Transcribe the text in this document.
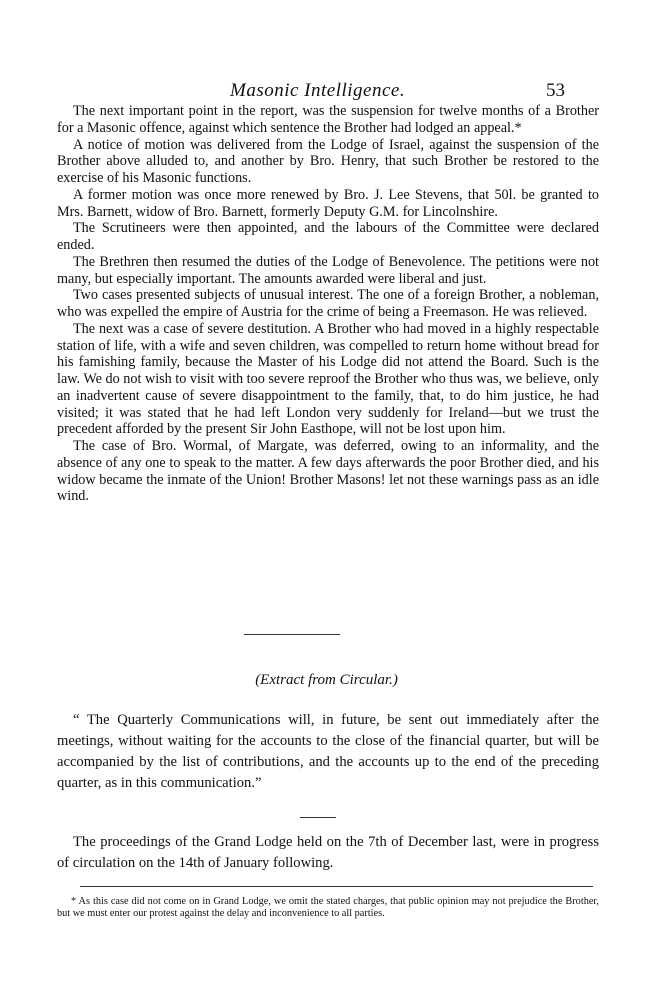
Masonic Intelligence.	53

The next important point in the report, was the suspension for twelve months of a Brother for a Masonic offence, against which sentence the Brother had lodged an appeal.*

A notice of motion was delivered from the Lodge of Israel, against the suspension of the Brother above alluded to, and another by Bro. Henry, that such Brother be restored to the exercise of his Masonic functions.

A former motion was once more renewed by Bro. J. Lee Stevens, that 50l. be granted to Mrs. Barnett, widow of Bro. Barnett, formerly Deputy G.M. for Lincolnshire.

The Scrutineers were then appointed, and the labours of the Committee were declared ended.

The Brethren then resumed the duties of the Lodge of Benevolence. The petitions were not many, but especially important. The amounts awarded were liberal and just.

Two cases presented subjects of unusual interest. The one of a foreign Brother, a nobleman, who was expelled the empire of Austria for the crime of being a Freemason. He was relieved.

The next was a case of severe destitution. A Brother who had moved in a highly respectable station of life, with a wife and seven children, was compelled to return home without bread for his famishing family, because the Master of his Lodge did not attend the Board. Such is the law. We do not wish to visit with too severe reproof the Brother who thus was, we believe, only an inadvertent cause of severe disappointment to the family, that, to do him justice, he had visited; it was stated that he had left London very suddenly for Ireland—but we trust the precedent afforded by the present Sir John Easthope, will not be lost upon him.

The case of Bro. Wormal, of Margate, was deferred, owing to an informality, and the absence of any one to speak to the matter. A few days afterwards the poor Brother died, and his widow became the inmate of the Union! Brother Masons! let not these warnings pass as an idle wind.

(Extract from Circular.)

“ The Quarterly Communications will, in future, be sent out immediately after the meetings, without waiting for the accounts to the close of the financial quarter, but will be accompanied by the list of contributions, and the accounts up to the end of the preceding quarter, as in this communication.”

The proceedings of the Grand Lodge held on the 7th of December last, were in progress of circulation on the 14th of January following.

* As this case did not come on in Grand Lodge, we omit the stated charges, that public opinion may not prejudice the Brother, but we must enter our protest against the delay and inconvenience to all parties.
